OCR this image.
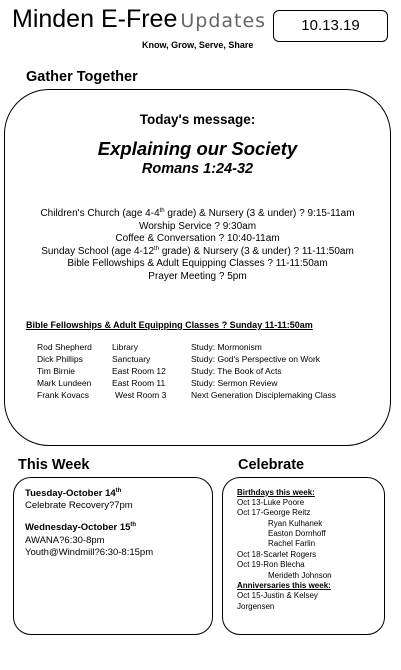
Minden E-Free Updates
Know, Grow, Serve, Share
10.13.19
Gather Together
Today's message:
Explaining our Society
Romans 1:24-32
Children's Church (age 4-4th grade) & Nursery (3 & under) ? 9:15-11am
Worship Service ? 9:30am
Coffee & Conversation ? 10:40-11am
Sunday School (age 4-12th grade) & Nursery (3 & under) ? 11-11:50am
Bible Fellowships & Adult Equipping Classes ? 11-11:50am
Prayer Meeting ? 5pm
Bible Fellowships & Adult Equipping Classes ? Sunday 11-11:50am
Rod Shepherd	Library	Study: Mormonism
Dick Phillips	Sanctuary	Study: God's Perspective on Work
Tim Birnie	East Room 12	Study: The Book of Acts
Mark Lundeen	East Room 11	Study: Sermon Review
Frank Kovacs	West Room 3	Next Generation Disciplemaking Class
This Week
Tuesday-October 14th
Celebrate Recovery?7pm
Wednesday-October 15th
AWANA?6:30-8pm
Youth@Windmill?6:30-8:15pm
Celebrate
Birthdays this week:
Oct 13-Luke Poore
Oct 17-George Reitz
Ryan Kulhanek
Easton Dornhoff
Rachel Farlin
Oct 18-Scarlet Rogers
Oct 19-Ron Blecha
Merideth Johnson
Anniversaries this week:
Oct 15-Justin & Kelsey
Jorgensen
